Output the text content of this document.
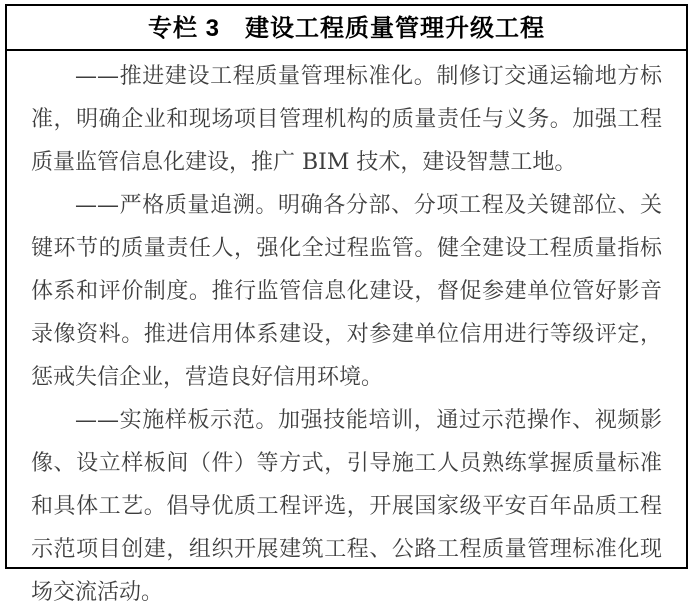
专栏 3　建设工程质量管理升级工程

——推进建设工程质量管理标准化。制修订交通运输地方标准，明确企业和现场项目管理机构的质量责任与义务。加强工程质量监管信息化建设，推广 BIM 技术，建设智慧工地。

——严格质量追溯。明确各分部、分项工程及关键部位、关键环节的质量责任人，强化全过程监管。健全建设工程质量指标体系和评价制度。推行监管信息化建设，督促参建单位管好影音录像资料。推进信用体系建设，对参建单位信用进行等级评定，惩戒失信企业，营造良好信用环境。

——实施样板示范。加强技能培训，通过示范操作、视频影像、设立样板间（件）等方式，引导施工人员熟练掌握质量标准和具体工艺。倡导优质工程评选，开展国家级平安百年品质工程示范项目创建，组织开展建筑工程、公路工程质量管理标准化现场交流活动。
